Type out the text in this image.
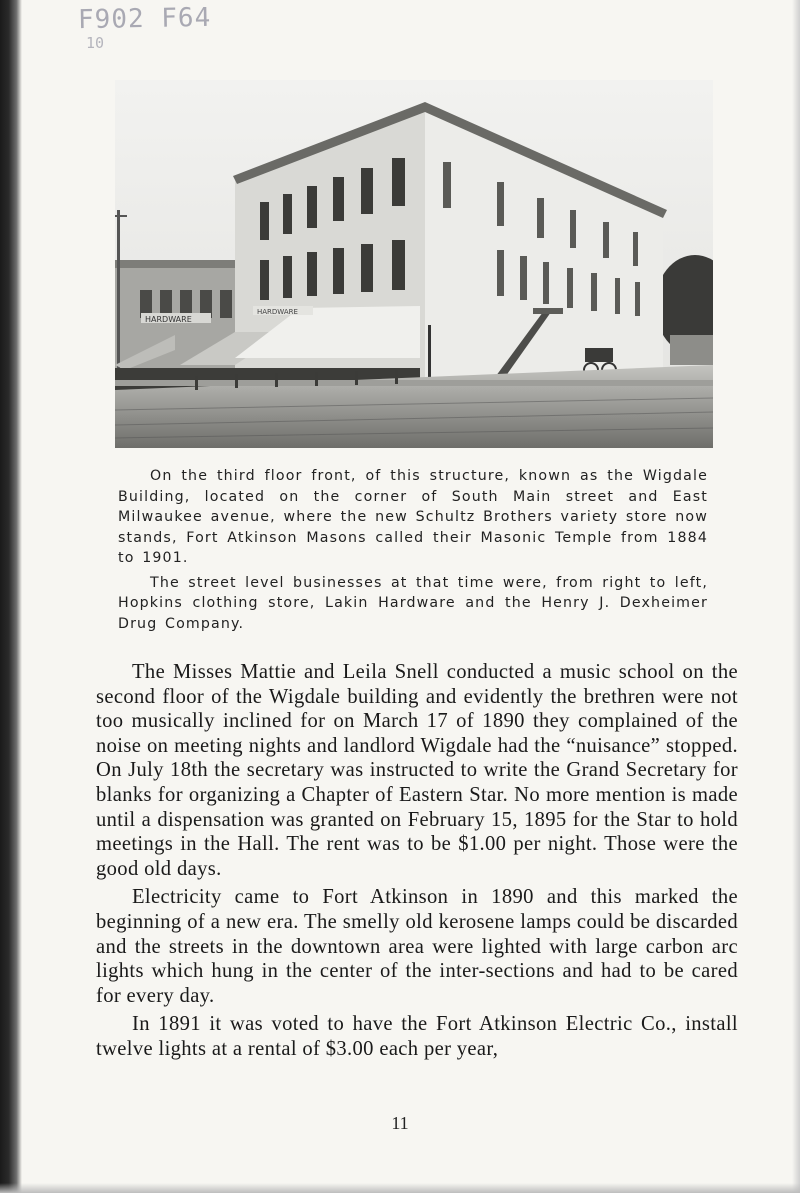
F902 F64
10
HARDWARE
HARDWARE

On the third floor front, of this structure, known as the Wigdale Building, located on the corner of South Main street and East Milwaukee avenue, where the new Schultz Brothers variety store now stands, Fort Atkinson Masons called their Masonic Temple from 1884 to 1901.

The street level businesses at that time were, from right to left, Hopkins clothing store, Lakin Hardware and the Henry J. Dexheimer Drug Company.

The Misses Mattie and Leila Snell conducted a music school on the second floor of the Wigdale building and evidently the brethren were not too musically inclined for on March 17 of 1890 they complained of the noise on meeting nights and landlord Wigdale had the “nuisance” stopped. On July 18th the secretary was instructed to write the Grand Secretary for blanks for organizing a Chapter of Eastern Star. No more mention is made until a dispensation was granted on February 15, 1895 for the Star to hold meetings in the Hall. The rent was to be $1.00 per night. Those were the good old days.

Electricity came to Fort Atkinson in 1890 and this marked the beginning of a new era. The smelly old kerosene lamps could be discarded and the streets in the downtown area were lighted with large carbon arc lights which hung in the center of the inter-sections and had to be cared for every day.

In 1891 it was voted to have the Fort Atkinson Electric Co., install twelve lights at a rental of $3.00 each per year,

11
